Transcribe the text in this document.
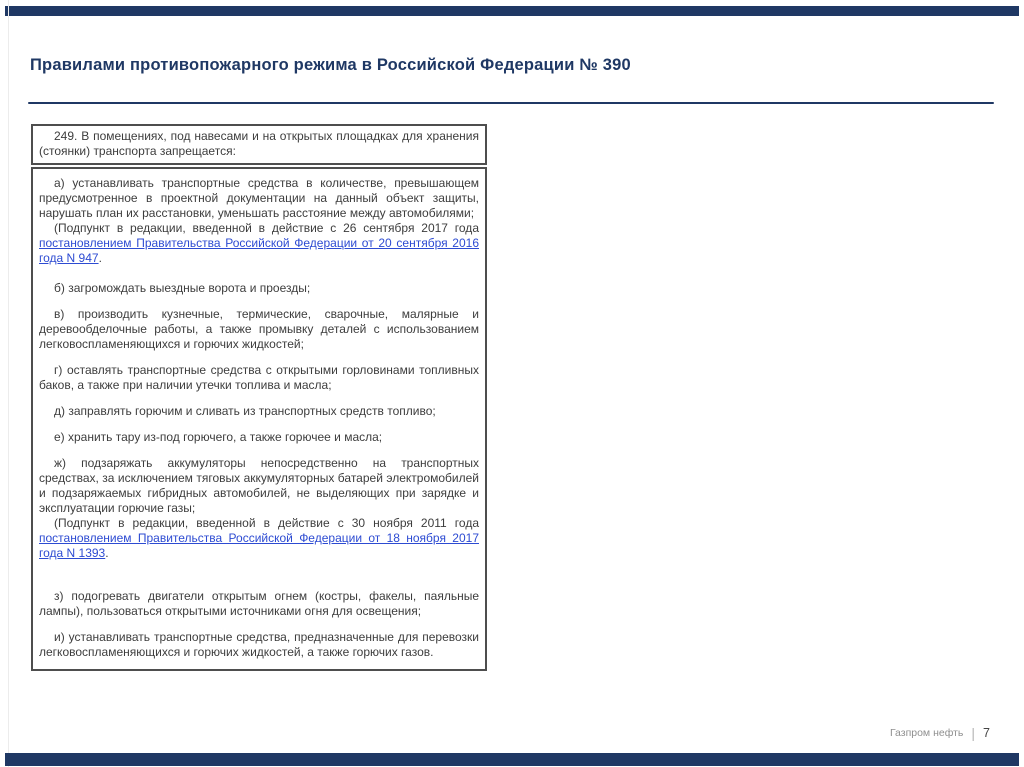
Правилами противопожарного режима в Российской Федерации № 390
249. В помещениях, под навесами и на открытых площадках для хранения (стоянки) транспорта запрещается:

а) устанавливать транспортные средства в количестве, превышающем предусмотренное в проектной документации на данный объект защиты, нарушать план их расстановки, уменьшать расстояние между автомобилями;

(Подпункт в редакции, введенной в действие с 26 сентября 2017 года постановлением Правительства Российской Федерации от 20 сентября 2016 года N 947.

б) загромождать выездные ворота и проезды;

в) производить кузнечные, термические, сварочные, малярные и деревообделочные работы, а также промывку деталей с использованием легковоспламеняющихся и горючих жидкостей;

г) оставлять транспортные средства с открытыми горловинами топливных баков, а также при наличии утечки топлива и масла;

д) заправлять горючим и сливать из транспортных средств топливо;

е) хранить тару из-под горючего, а также горючее и масла;

ж) подзаряжать аккумуляторы непосредственно на транспортных средствах, за исключением тяговых аккумуляторных батарей электромобилей и подзаряжаемых гибридных автомобилей, не выделяющих при зарядке и эксплуатации горючие газы;

(Подпункт в редакции, введенной в действие с 30 ноября 2011 года постановлением Правительства Российской Федерации от 18 ноября 2017 года N 1393.

з) подогревать двигатели открытым огнем (костры, факелы, паяльные лампы), пользоваться открытыми источниками огня для освещения;

и) устанавливать транспортные средства, предназначенные для перевозки легковоспламеняющихся и горючих жидкостей, а также горючих газов.

Газпром нефть | 7
